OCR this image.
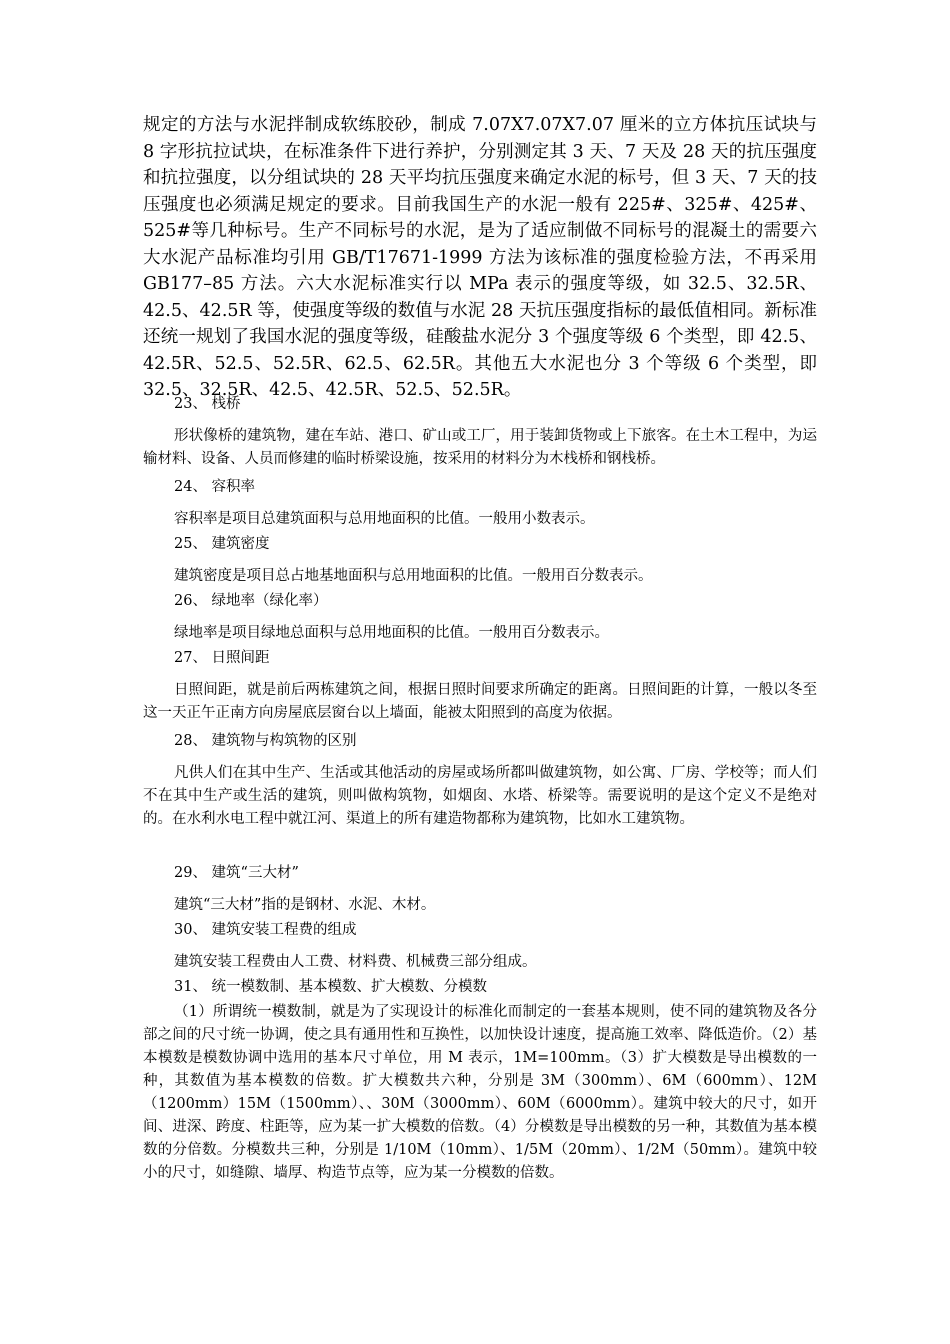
规定的方法与水泥拌制成软练胶砂，制成 7.07X7.07X7.07 厘米的立方体抗压试块与 8 字形抗拉试块，在标准条件下进行养护，分别测定其 3 天、7 天及 28 天的抗压强度和抗拉强度，以分组试块的 28 天平均抗压强度来确定水泥的标号，但 3 天、7 天的技压强度也必须满足规定的要求。目前我国生产的水泥一般有 225#、325#、425#、525#等几种标号。生产不同标号的水泥，是为了适应制做不同标号的混凝土的需要六大水泥产品标准均引用 GB/T17671-1999 方法为该标准的强度检验方法，不再采用 GB177–85 方法。六大水泥标准实行以 MPa 表示的强度等级，如 32.5、32.5R、42.5、42.5R 等，使强度等级的数值与水泥 28 天抗压强度指标的最低值相同。新标准还统一规划了我国水泥的强度等级，硅酸盐水泥分 3 个强度等级 6 个类型，即 42.5、42.5R、52.5、52.5R、62.5、62.5R。其他五大水泥也分 3 个等级 6 个类型，即 32.5、32.5R、42.5、42.5R、52.5、52.5R。

23、 栈桥

形状像桥的建筑物，建在车站、港口、矿山或工厂，用于装卸货物或上下旅客。在土木工程中，为运输材料、设备、人员而修建的临时桥梁设施，按采用的材料分为木栈桥和钢栈桥。

24、 容积率

容积率是项目总建筑面积与总用地面积的比值。一般用小数表示。

25、 建筑密度

建筑密度是项目总占地基地面积与总用地面积的比值。一般用百分数表示。

26、 绿地率（绿化率）

绿地率是项目绿地总面积与总用地面积的比值。一般用百分数表示。

27、 日照间距

日照间距，就是前后两栋建筑之间，根据日照时间要求所确定的距离。日照间距的计算，一般以冬至这一天正午正南方向房屋底层窗台以上墙面，能被太阳照到的高度为依据。

28、 建筑物与构筑物的区别

凡供人们在其中生产、生活或其他活动的房屋或场所都叫做建筑物，如公寓、厂房、学校等；而人们不在其中生产或生活的建筑，则叫做构筑物，如烟囱、水塔、桥梁等。需要说明的是这个定义不是绝对的。在水利水电工程中就江河、渠道上的所有建造物都称为建筑物，比如水工建筑物。

29、 建筑“三大材”

建筑“三大材”指的是钢材、水泥、木材。

30、 建筑安装工程费的组成

建筑安装工程费由人工费、材料费、机械费三部分组成。

31、 统一模数制、基本模数、扩大模数、分模数

（1）所谓统一模数制，就是为了实现设计的标准化而制定的一套基本规则，使不同的建筑物及各分部之间的尺寸统一协调，使之具有通用性和互换性，以加快设计速度，提高施工效率、降低造价。（2）基本模数是模数协调中选用的基本尺寸单位，用 M 表示，1M=100mm。（3）扩大模数是导出模数的一种，其数值为基本模数的倍数。扩大模数共六种，分别是 3M（300mm）、6M（600mm）、12M（1200mm）15M（1500mm）、、30M（3000mm）、60M（6000mm）。建筑中较大的尺寸，如开间、进深、跨度、柱距等，应为某一扩大模数的倍数。（4）分模数是导出模数的另一种，其数值为基本模数的分倍数。分模数共三种，分别是 1/10M（10mm）、1/5M（20mm）、1/2M（50mm）。建筑中较小的尺寸，如缝隙、墙厚、构造节点等，应为某一分模数的倍数。
